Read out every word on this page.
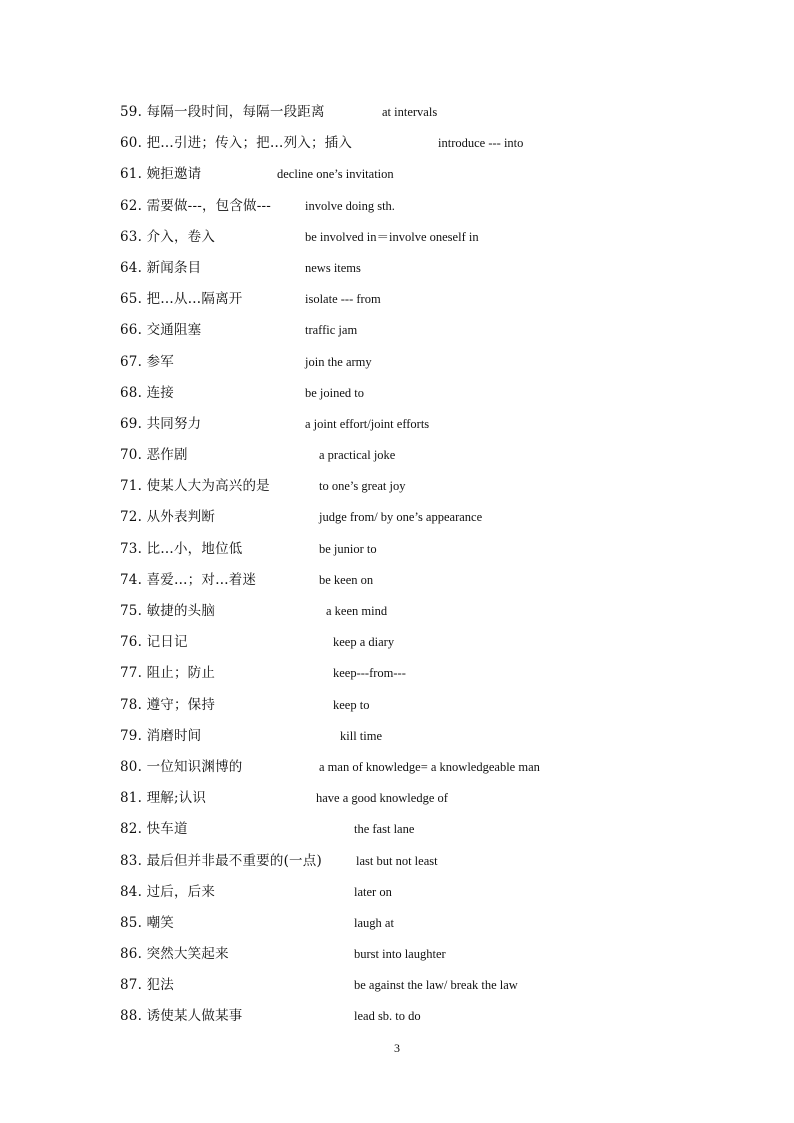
59. 每隔一段时间，每隔一段距离	at intervals
60. 把…引进；传入；把…列入；插入	introduce --- into
61. 婉拒邀请	decline one’s invitation
62. 需要做---，包含做---	involve doing sth.
63. 介入，卷入	be involved in＝involve oneself in
64. 新闻条目	news items
65. 把…从…隔离开	isolate --- from
66. 交通阻塞	traffic jam
67. 参军	join the army
68. 连接	be joined to
69. 共同努力	a joint effort/joint efforts
70. 恶作剧	a practical joke
71. 使某人大为高兴的是	to one’s great joy
72. 从外表判断	judge from/ by one’s appearance
73. 比…小，地位低	be junior to
74. 喜爱…；对…着迷	be keen on
75. 敏捷的头脑	a keen mind
76. 记日记	keep a diary
77. 阻止；防止	keep---from---
78. 遵守；保持	keep to
79. 消磨时间	kill time
80. 一位知识渊博的	a man of knowledge= a knowledgeable man
81. 理解;认识	have a good knowledge of
82. 快车道	the fast lane
83. 最后但并非最不重要的(一点)	last but not least
84. 过后，后来	later on
85. 嘲笑	laugh at
86. 突然大笑起来	burst into laughter
87. 犯法	be against the law/ break the law
88. 诱使某人做某事	lead sb. to do
3
